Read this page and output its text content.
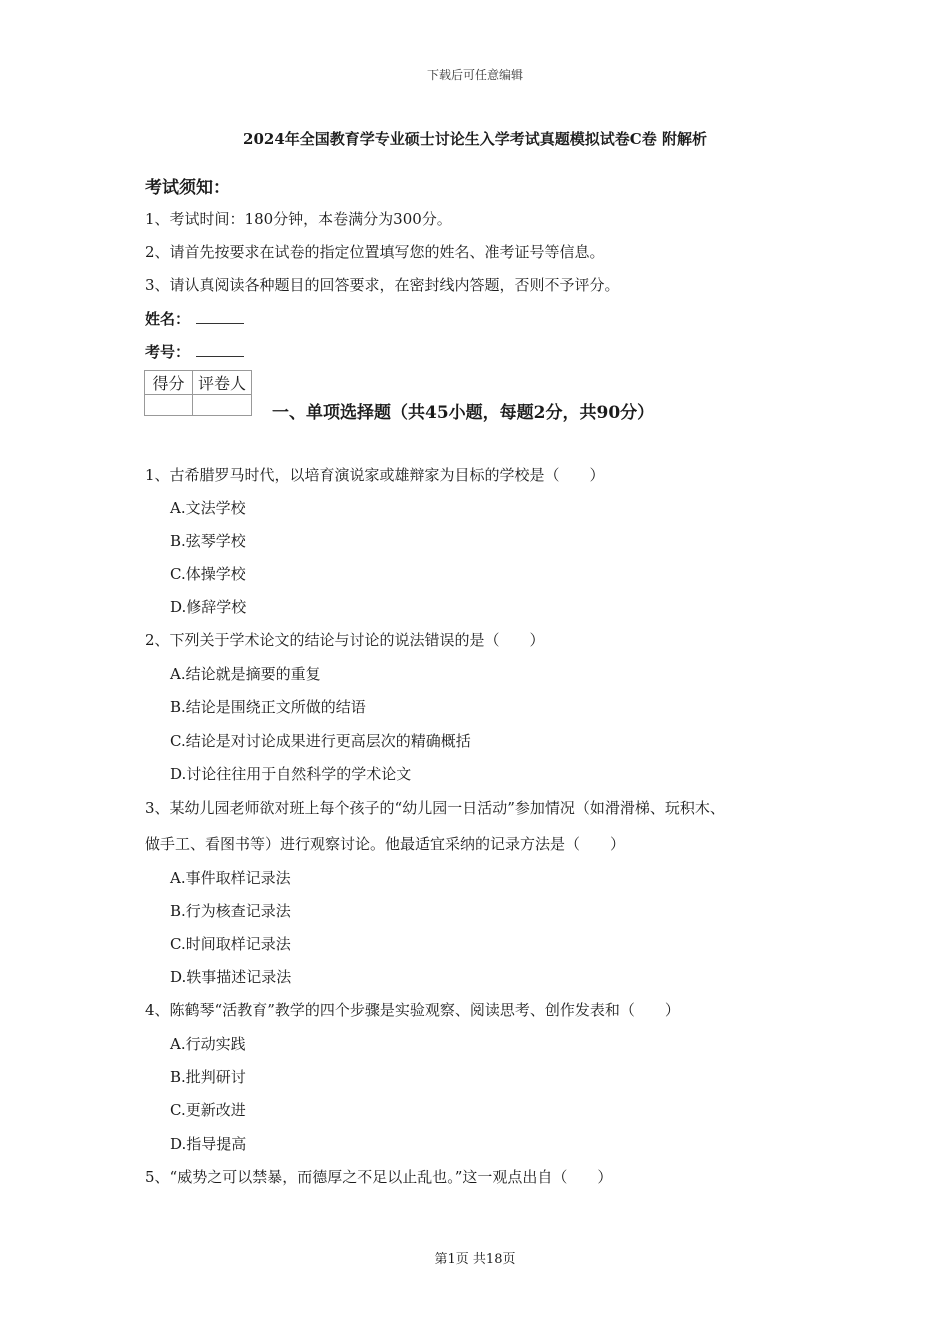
下载后可任意编辑
2024年全国教育学专业硕士讨论生入学考试真题模拟试卷C卷 附解析
考试须知：
1、考试时间：180分钟，本卷满分为300分。
2、请首先按要求在试卷的指定位置填写您的姓名、准考证号等信息。
3、请认真阅读各种题目的回答要求，在密封线内答题，否则不予评分。
姓名：
考号：
得分	评卷人

一、单项选择题（共45小题，每题2分，共90分）
1、古希腊罗马时代，以培育演说家或雄辩家为目标的学校是（　　）
A.文法学校
B.弦琴学校
C.体操学校
D.修辞学校
2、下列关于学术论文的结论与讨论的说法错误的是（　　）
A.结论就是摘要的重复
B.结论是围绕正文所做的结语
C.结论是对讨论成果进行更高层次的精确概括
D.讨论往往用于自然科学的学术论文
3、某幼儿园老师欲对班上每个孩子的“幼儿园一日活动”参加情况（如滑滑梯、玩积木、
做手工、看图书等）进行观察讨论。他最适宜采纳的记录方法是（　　）
A.事件取样记录法
B.行为核查记录法
C.时间取样记录法
D.轶事描述记录法
4、陈鹤琴“活教育”教学的四个步骤是实验观察、阅读思考、创作发表和（　　）
A.行动实践
B.批判研讨
C.更新改进
D.指导提高
5、“威势之可以禁暴，而德厚之不足以止乱也。”这一观点出自（　　）
第1页 共18页
